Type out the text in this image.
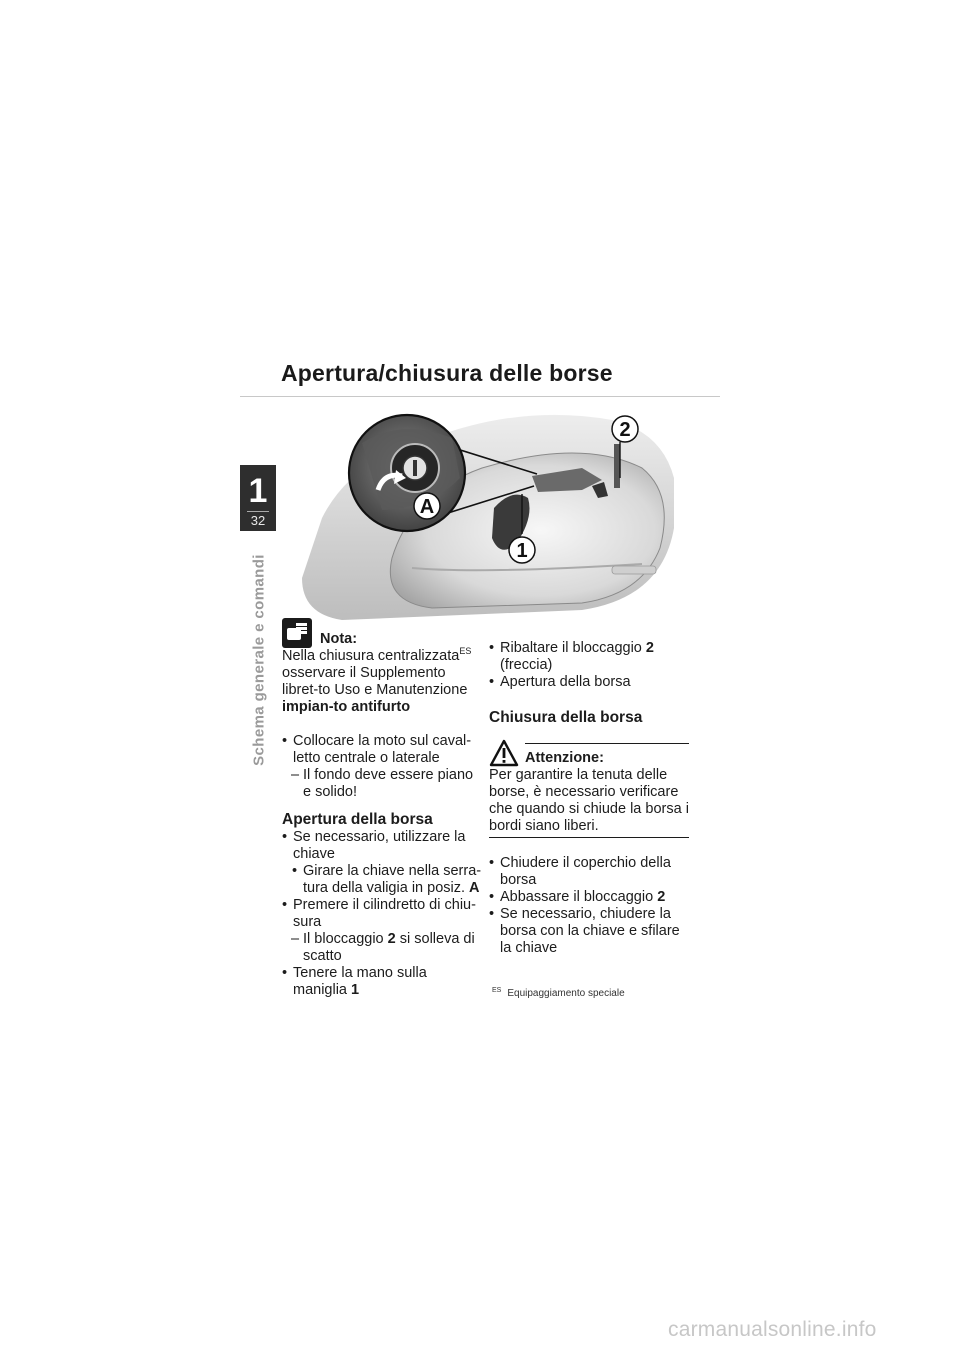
Apertura/chiusura delle borse
1
32
Schema generale e comandi
A
2
1
Nota:

Nella chiusura centralizzata$^{ES}$ osservare il Supplemento libret-to Uso e Manutenzione impian-to antifurto

• Collocare la moto sul caval-letto centrale o laterale

– Il fondo deve essere piano e solido!

Apertura della borsa

• Se necessario, utilizzare la chiave

• Girare la chiave nella serra-tura della valigia in posiz. A

• Premere il cilindretto di chiu-sura

– Il bloccaggio 2 si solleva di scatto

• Tenere la mano sulla maniglia 1

• Ribaltare il bloccaggio 2
(freccia)

• Apertura della borsa

Chiusura della borsa
Attenzione:

Per garantire la tenuta delle borse, è necessario verificare che quando si chiude la borsa i bordi siano liberi.

• Chiudere il coperchio della borsa

• Abbassare il bloccaggio 2

• Se necessario, chiudere la borsa con la chiave e sfilare la chiave

$^{ES}$ Equipaggiamento speciale
carmanualsonline.info
